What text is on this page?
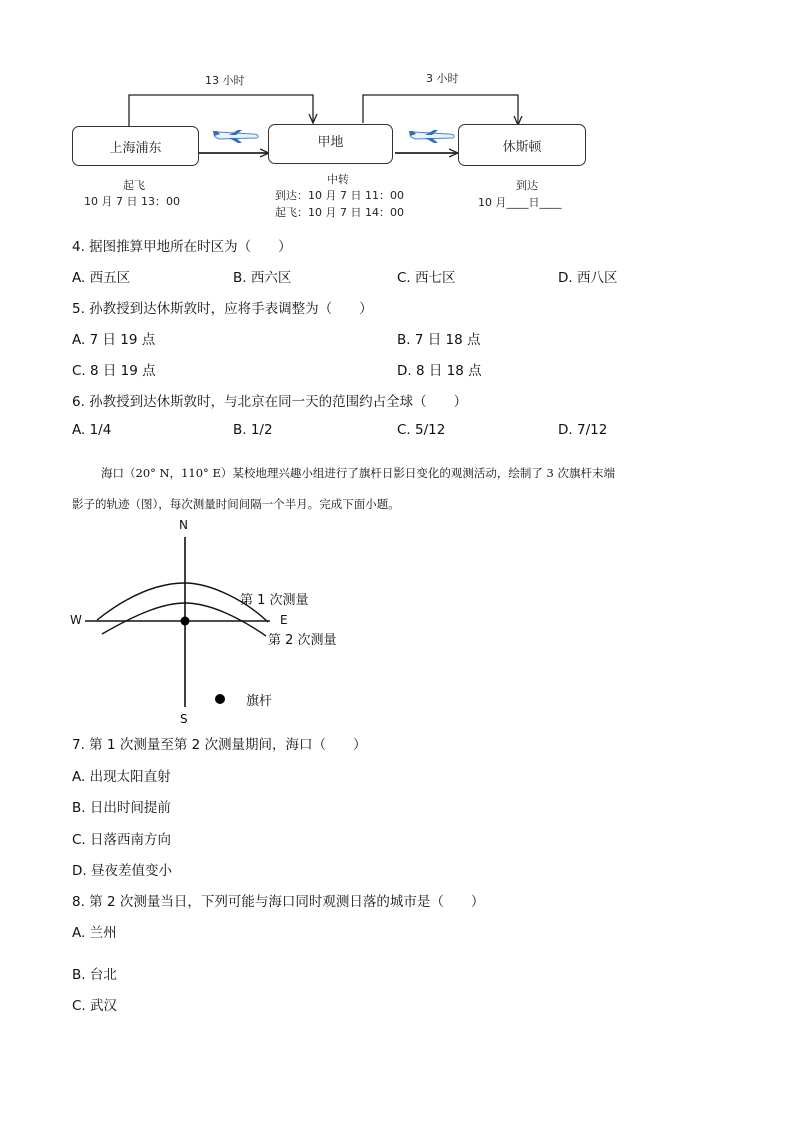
13 小时	3 小时
上海浦东	甲地	休斯顿
起飞
10 月 7 日 13：00
中转
到达：10 月 7 日 11：00
起飞：10 月 7 日 14：00
到达
10 月____日____
4. 据图推算甲地所在时区为（　　）
A. 西五区	B. 西六区	C. 西七区	D. 西八区
5. 孙教授到达休斯敦时，应将手表调整为（　　）
A. 7 日 19 点	B. 7 日 18 点
C. 8 日 19 点	D. 8 日 18 点
6. 孙教授到达休斯敦时，与北京在同一天的范围约占全球（　　）
A. 1/4	B. 1/2	C. 5/12	D. 7/12
海口（20° N，110° E）某校地理兴趣小组进行了旗杆日影日变化的观测活动，绘制了 3 次旗杆末端
影子的轨迹（图），每次测量时间间隔一个半月。完成下面小题。
N
S
W	E
第 1 次测量
第 2 次测量
旗杆
7. 第 1 次测量至第 2 次测量期间，海口（　　）
A. 出现太阳直射
B. 日出时间提前
C. 日落西南方向
D. 昼夜差值变小
8. 第 2 次测量当日，下列可能与海口同时观测日落的城市是（　　）
A. 兰州
B. 台北
C. 武汉
